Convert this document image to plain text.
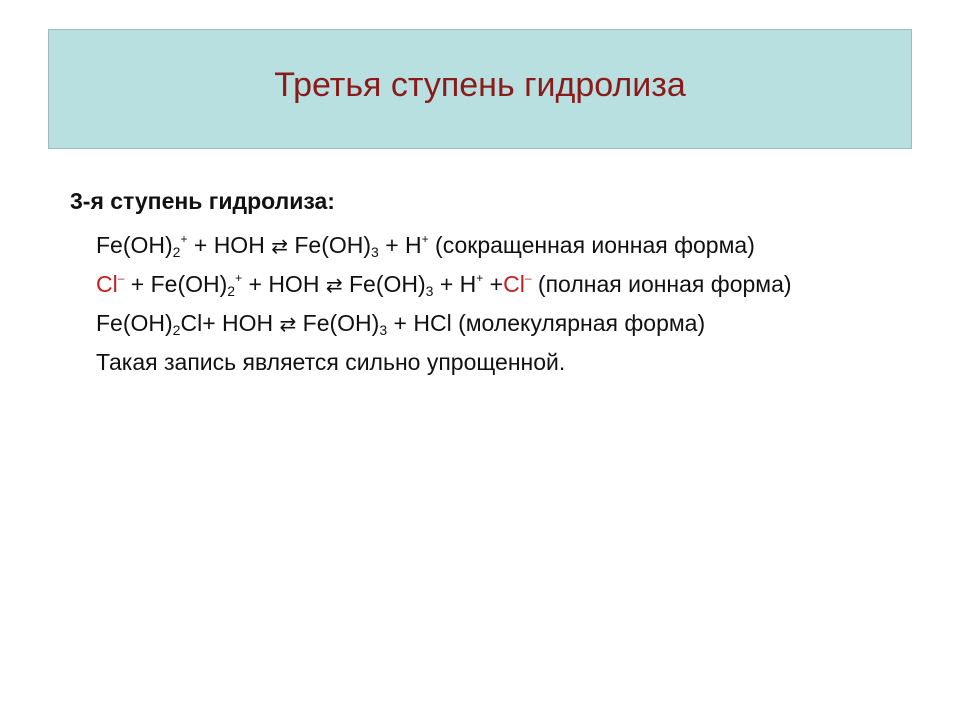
Третья ступень гидролиза
3-я ступень гидролиза:
$Fe(OH)_2^+$ + HOH ⇄ $Fe(OH)_3 + H^+$ (сокращенная ионная форма)
$Cl^- + Fe(OH)_2^+$ + HOH ⇄ $Fe(OH)_3 + H^+ +Cl^-$ (полная ионная форма)
$Fe(OH)_2Cl+$ HOH ⇄ $Fe(OH)_3$ + HCl (молекулярная форма)
Такая запись является сильно упрощенной.
